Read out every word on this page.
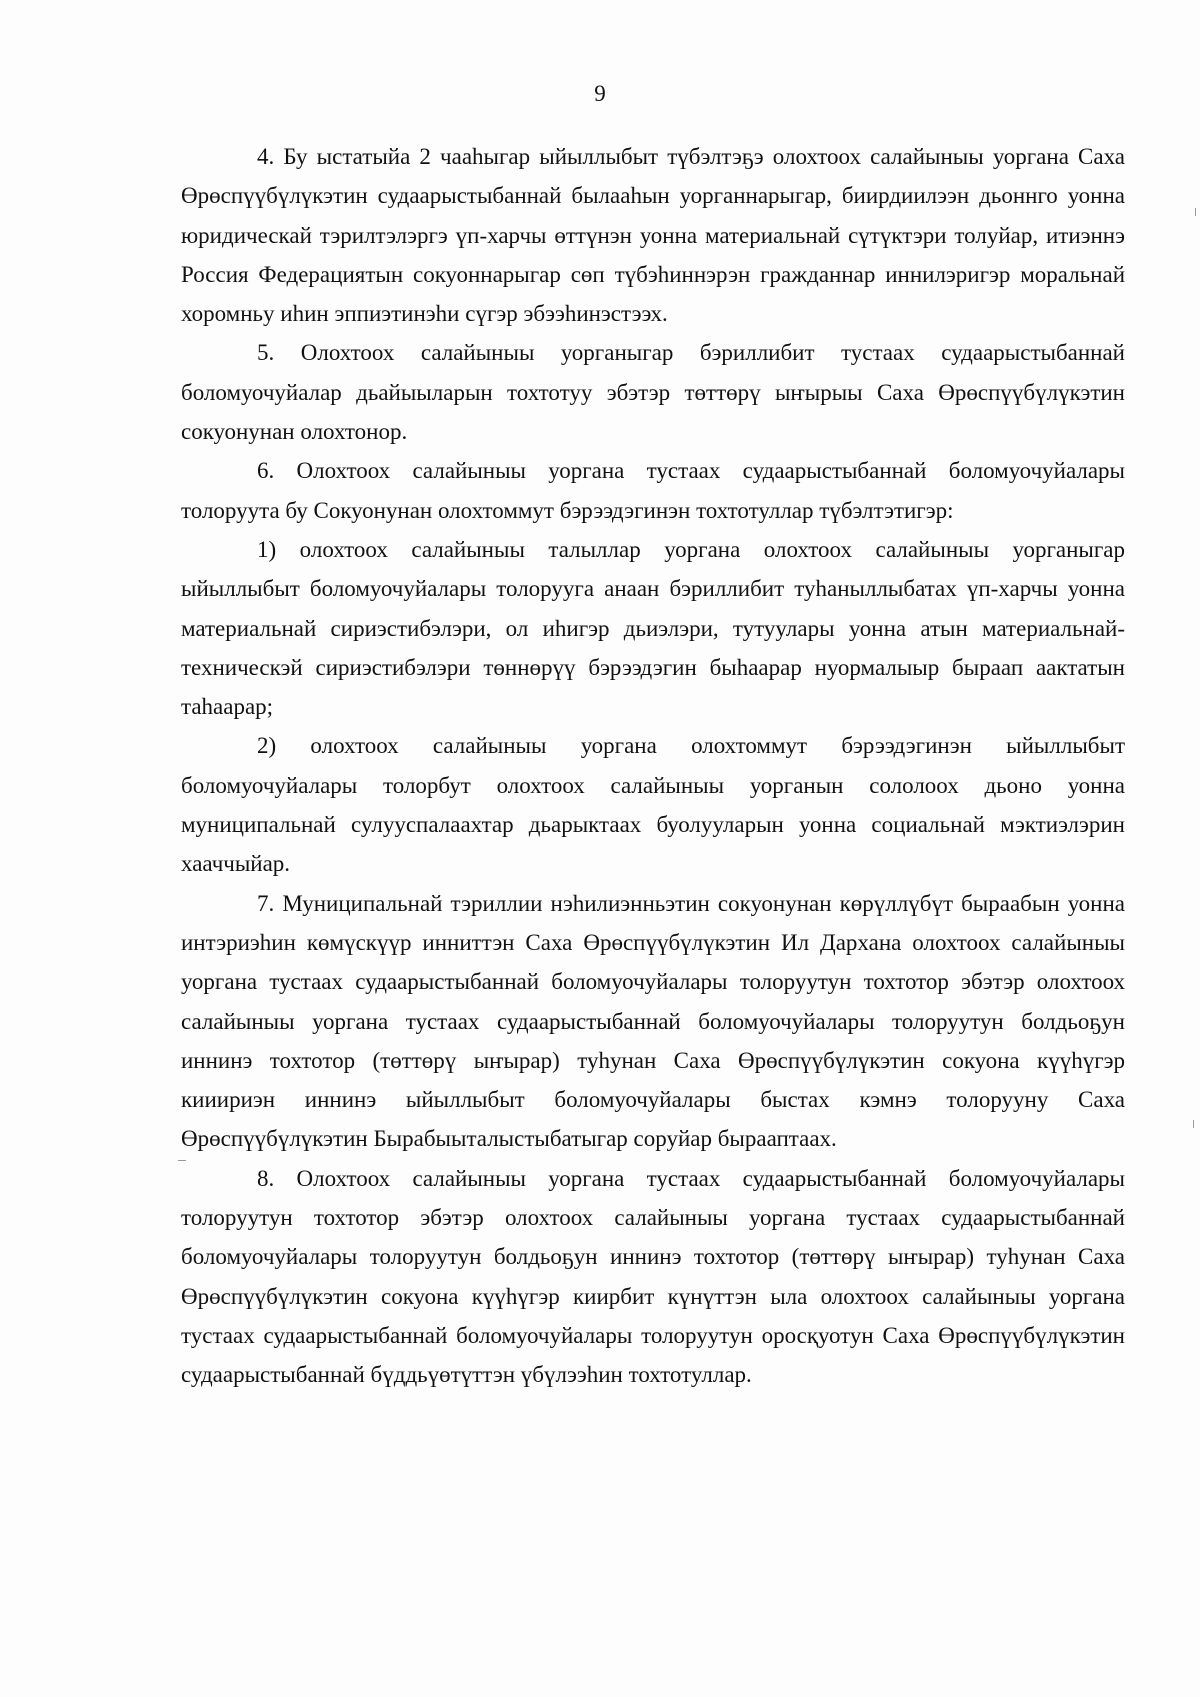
9

4. Бу ыстатыйа 2 чааһыгар ыйыллыбыт түбэлтэҕэ олохтоох салайыныы уоргана Саха Өрөспүүбүлүкэтин судаарыстыбаннай былааһын уорганнарыгар, биирдиилээн дьоннго уонна юридическай тэрилтэлэргэ үп-харчы өттүнэн уонна материальнай сүтүктэри толуйар, итиэннэ Россия Федерациятын сокуоннарыгар сөп түбэһиннэрэн гражданнар иннилэригэр моральнай хоромньу иһин эппиэтинэһи сүгэр эбээһинэстээх.

5. Олохтоох салайыныы уорганыгар бэриллибит тустаах судаарыстыбаннай боломуочуйалар дьайыыларын тохтотуу эбэтэр төттөрү ыҥырыы Саха Өрөспүүбүлүкэтин сокуонунан олохтонор.

6. Олохтоох салайыныы уоргана тустаах судаарыстыбаннай боломуочуйалары толоруута бу Сокуонунан олохтоммут бэрээдэгинэн тохтотуллар түбэлтэтигэр:

1) олохтоох салайыныы талыллар уоргана олохтоох салайыныы уорганыгар ыйыллыбыт боломуочуйалары толорууга анаан бэриллибит туһаныллыбатах үп-харчы уонна материальнай сириэстибэлэри, ол иһигэр дьиэлэри, тутуулары уонна атын материальнай-техническэй сириэстибэлэри төннөрүү бэрээдэгин быһаарар нуормалыыр быраап аактатын таһаарар;

2) олохтоох салайыныы уоргана олохтоммут бэрээдэгинэн ыйыллыбыт боломуочуйалары толорбут олохтоох салайыныы уорганын сололоох дьоно уонна муниципальнай сулууспалаахтар дьарыктаах буолууларын уонна социальнай мэктиэлэрин хааччыйар.

7. Муниципальнай тэриллии нэһилиэнньэтин сокуонунан көрүллүбүт быраабын уонна интэриэһин көмүскүүр инниттэн Саха Өрөспүүбүлүкэтин Ил Дархана олохтоох салайыныы уоргана тустаах судаарыстыбаннай боломуочуйалары толоруутун тохтотор эбэтэр олохтоох салайыныы уоргана тустаах судаарыстыбаннай боломуочуйалары толоруутун болдьоҕун иннинэ тохтотор (төттөрү ыҥырар) туһунан Саха Өрөспүүбүлүкэтин сокуона күүһүгэр кииириэн иннинэ ыйыллыбыт боломуочуйалары быстах кэмнэ толорууну Саха Өрөспүүбүлүкэтин Бырабыыталыстыбатыгар соруйар бырааптаах.

8. Олохтоох салайыныы уоргана тустаах судаарыстыбаннай боломуочуйалары толоруутун тохтотор эбэтэр олохтоох салайыныы уоргана тустаах судаарыстыбаннай боломуочуйалары толоруутун болдьоҕун иннинэ тохтотор (төттөрү ыҥырар) туһунан Саха Өрөспүүбүлүкэтин сокуона күүһүгэр киирбит күнүттэн ыла олохтоох салайыныы уоргана тустаах судаарыстыбаннай боломуочуйалары толоруутун оросқуотун Саха Өрөспүүбүлүкэтин судаарыстыбаннай бүддьүөтүттэн үбүлээһин тохтотуллар.
